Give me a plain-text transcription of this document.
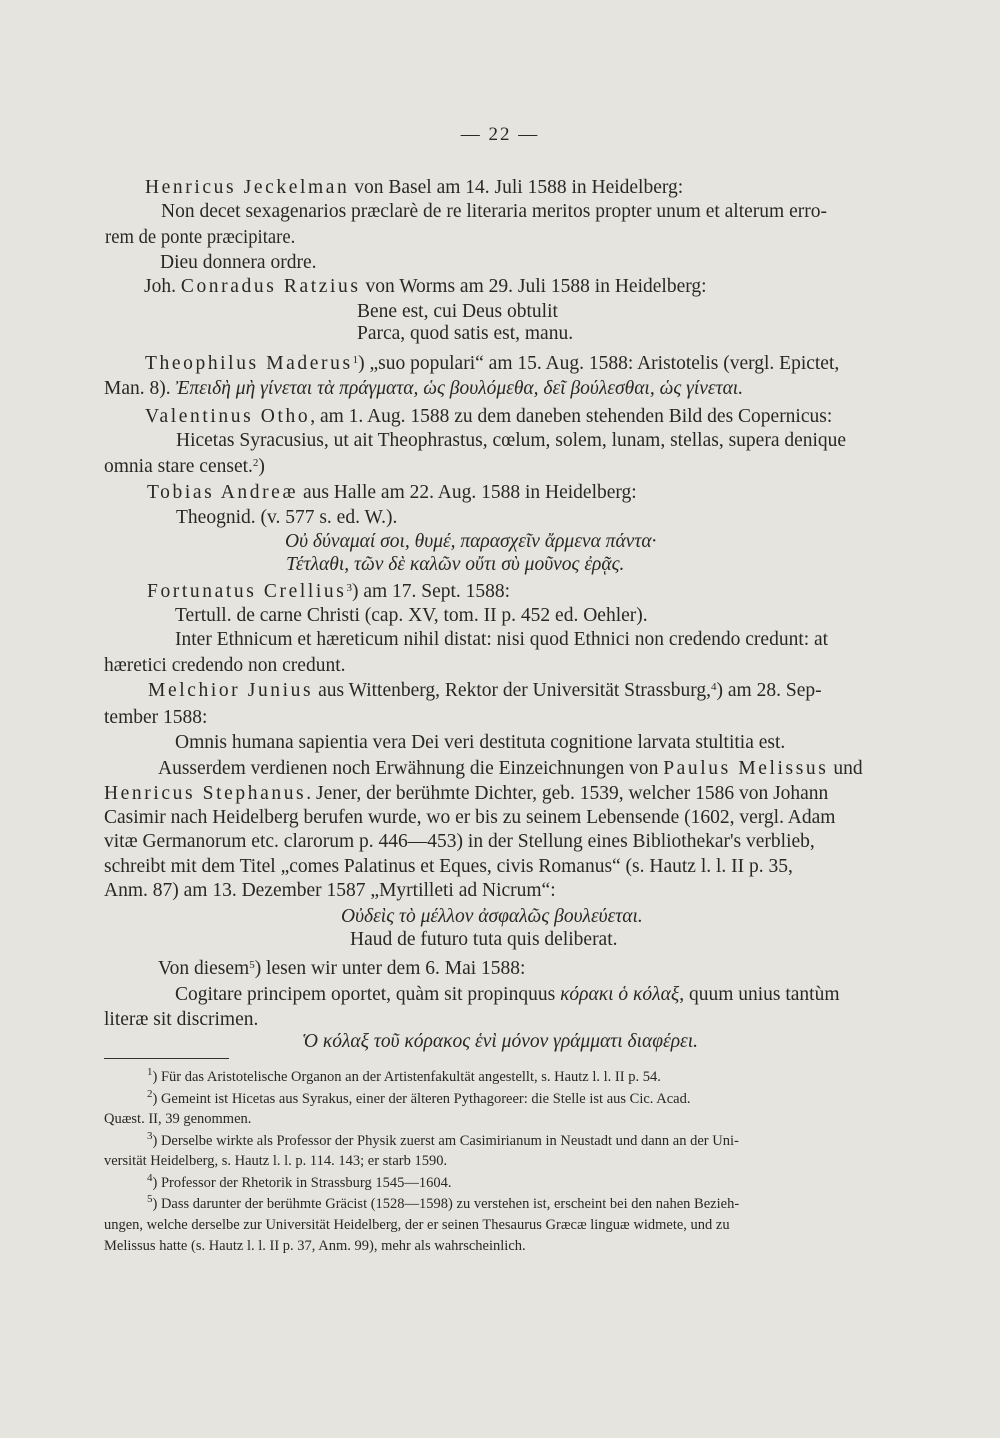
— 22 —
Henricus Jeckelman von Basel am 14. Juli 1588 in Heidelberg:
Non decet sexagenarios præclarè de re literaria meritos propter unum et alterum erro-
rem de ponte præcipitare.
Dieu donnera ordre.
Joh. Conradus Ratzius von Worms am 29. Juli 1588 in Heidelberg:
Bene est, cui Deus obtulit
Parca, quod satis est, manu.
Theophilus Maderus$^1$) „suo populari“ am 15. Aug. 1588: Aristotelis (vergl. Epictet,
Man. 8). Ἐπειδὴ μὴ γίνεται τὰ πράγματα, ὡς βουλόμεθα, δεῖ βούλεσθαι, ὡς γίνεται.
Valentinus Otho, am 1. Aug. 1588 zu dem daneben stehenden Bild des Copernicus:
Hicetas Syracusius, ut ait Theophrastus, cœlum, solem, lunam, stellas, supera denique
omnia stare censet.$^2$)
Tobias Andreæ aus Halle am 22. Aug. 1588 in Heidelberg:
Theognid. (v. 577 s. ed. W.).
Οὐ δύναμαί σοι, θυμέ, παρασχεῖν ἄρμενα πάντα·
Τέτλαθι, τῶν δὲ καλῶν οὔτι σὺ μοῦνος ἐρᾷς.
Fortunatus Crellius$^3$) am 17. Sept. 1588:
Tertull. de carne Christi (cap. XV, tom. II p. 452 ed. Oehler).
Inter Ethnicum et hæreticum nihil distat: nisi quod Ethnici non credendo credunt: at
hæretici credendo non credunt.
Melchior Junius aus Wittenberg, Rektor der Universität Strassburg,$^4$) am 28. Sep-
tember 1588:
Omnis humana sapientia vera Dei veri destituta cognitione larvata stultitia est.
Ausserdem verdienen noch Erwähnung die Einzeichnungen von Paulus Melissus und
Henricus Stephanus. Jener, der berühmte Dichter, geb. 1539, welcher 1586 von Johann
Casimir nach Heidelberg berufen wurde, wo er bis zu seinem Lebensende (1602, vergl. Adam
vitæ Germanorum etc. clarorum p. 446—453) in der Stellung eines Bibliothekar's verblieb,
schreibt mit dem Titel „comes Palatinus et Eques, civis Romanus“ (s. Hautz l. l. II p. 35,
Anm. 87) am 13. Dezember 1587 „Myrtilleti ad Nicrum“:
Οὐδεὶς τὸ μέλλον ἀσφαλῶς βουλεύεται.
Haud de futuro tuta quis deliberat.
Von diesem$^5$) lesen wir unter dem 6. Mai 1588:
Cogitare principem oportet, quàm sit propinquus κόρακι ὁ κόλαξ, quum unius tantùm
literæ sit discrimen.
Ὁ κόλαξ τοῦ κόρακος ἑνὶ μόνον γράμματι διαφέρει.
$^1$) Für das Aristotelische Organon an der Artistenfakultät angestellt, s. Hautz l. l. II p. 54.
$^2$) Gemeint ist Hicetas aus Syrakus, einer der älteren Pythagoreer: die Stelle ist aus Cic. Acad.
Quæst. II, 39 genommen.
$^3$) Derselbe wirkte als Professor der Physik zuerst am Casimirianum in Neustadt und dann an der Uni-
versität Heidelberg, s. Hautz l. l. p. 114. 143; er starb 1590.
$^4$) Professor der Rhetorik in Strassburg 1545—1604.
$^5$) Dass darunter der berühmte Gräcist (1528—1598) zu verstehen ist, erscheint bei den nahen Bezieh-
ungen, welche derselbe zur Universität Heidelberg, der er seinen Thesaurus Græcæ linguæ widmete, und zu
Melissus hatte (s. Hautz l. l. II p. 37, Anm. 99), mehr als wahrscheinlich.
